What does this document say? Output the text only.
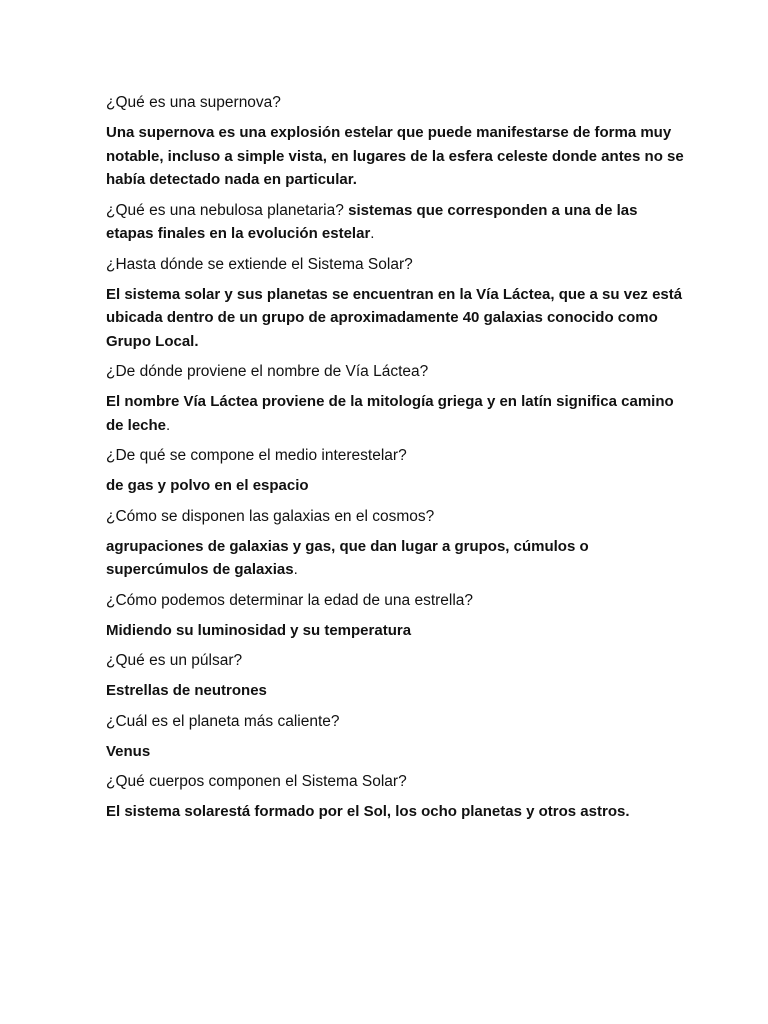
¿Qué es una supernova?

Una supernova es una explosión estelar que puede manifestarse de forma muy notable, incluso a simple vista, en lugares de la esfera celeste donde antes no se había detectado nada en particular.

¿Qué es una nebulosa planetaria? sistemas que corresponden a una de las etapas finales en la evolución estelar.

¿Hasta dónde se extiende el Sistema Solar?

El sistema solar y sus planetas se encuentran en la Vía Láctea, que a su vez está ubicada dentro de un grupo de aproximadamente 40 galaxias conocido como Grupo Local.

¿De dónde proviene el nombre de Vía Láctea?

El nombre Vía Láctea proviene de la mitología griega y en latín significa camino de leche.

¿De qué se compone el medio interestelar?

de gas y polvo en el espacio

¿Cómo se disponen las galaxias en el cosmos?

agrupaciones de galaxias y gas, que dan lugar a grupos, cúmulos o supercúmulos de galaxias.

¿Cómo podemos determinar la edad de una estrella?

Midiendo su luminosidad y su temperatura

¿Qué es un púlsar?

Estrellas de neutrones

¿Cuál es el planeta más caliente?

Venus

¿Qué cuerpos componen el Sistema Solar?

El sistema solarestá formado por el Sol, los ocho planetas y otros astros.
